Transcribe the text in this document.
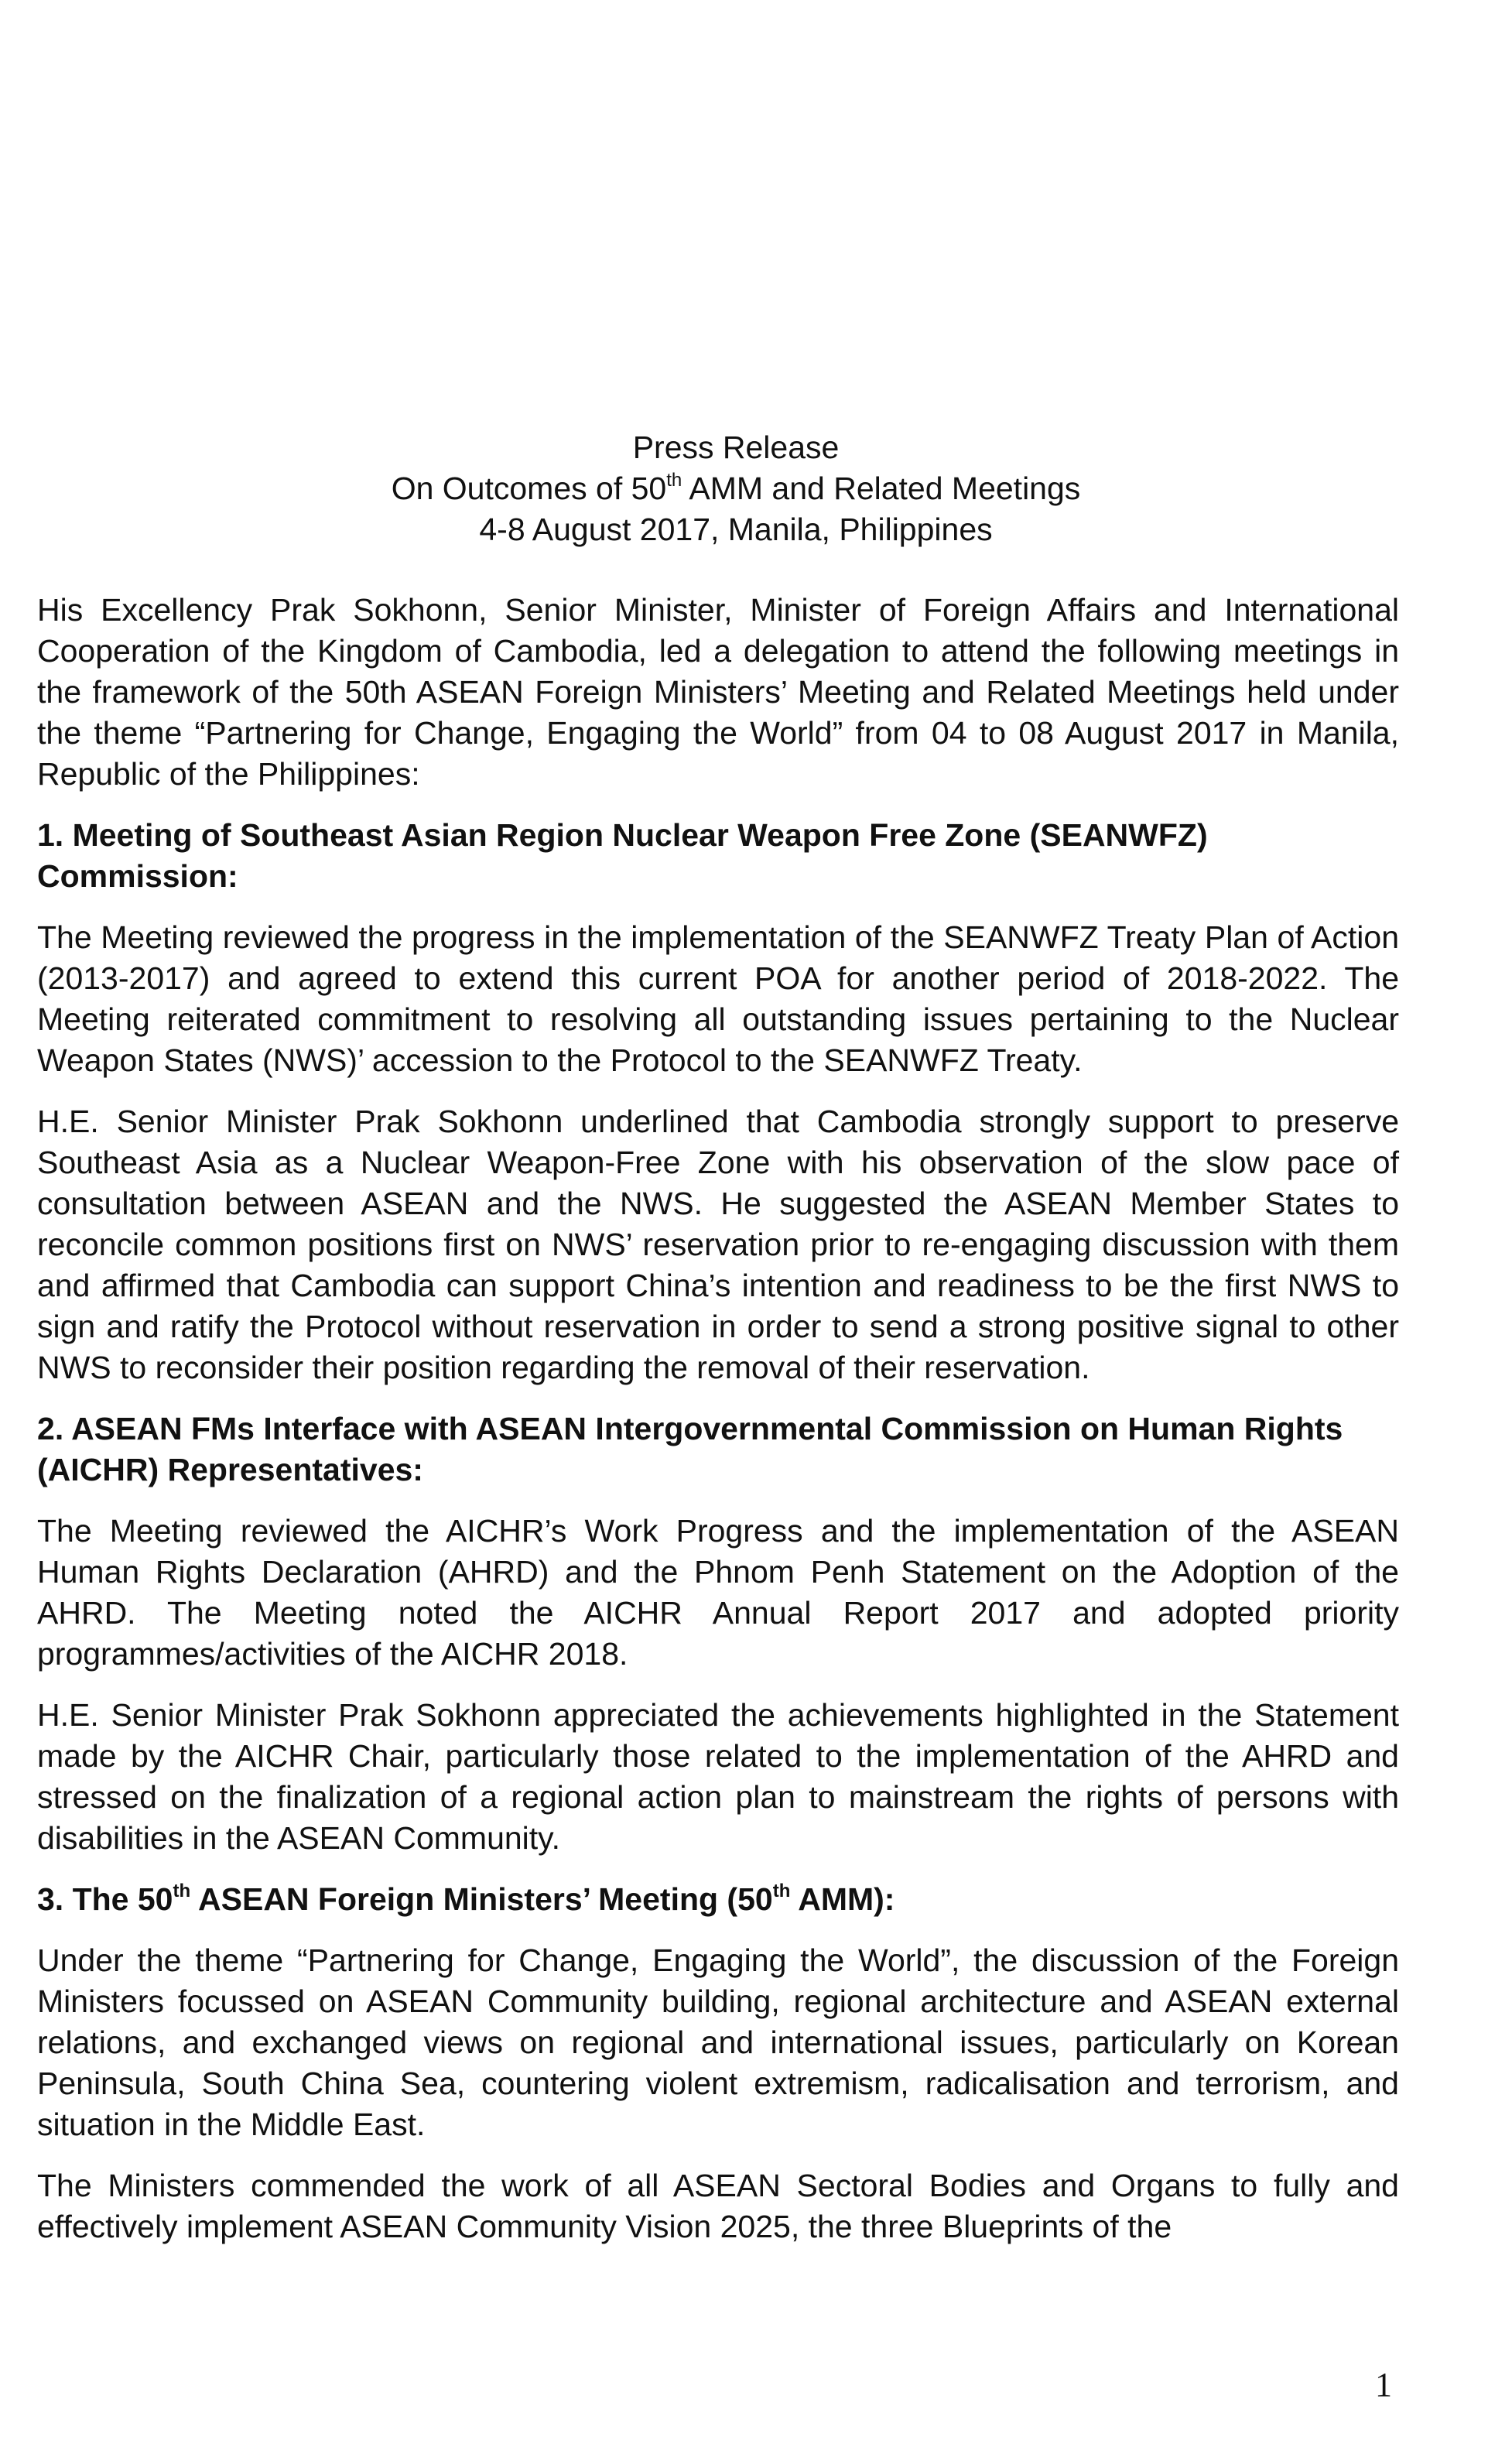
Press Release
On Outcomes of 50th AMM and Related Meetings
4-8 August 2017, Manila, Philippines

His Excellency Prak Sokhonn, Senior Minister, Minister of Foreign Affairs and International Cooperation of the Kingdom of Cambodia, led a delegation to attend the following meetings in the framework of the 50th ASEAN Foreign Ministers’ Meeting and Related Meetings held under the theme “Partnering for Change, Engaging the World” from 04 to 08 August 2017 in Manila, Republic of the Philippines:

1. Meeting of Southeast Asian Region Nuclear Weapon Free Zone (SEANWFZ) Commission:

The Meeting reviewed the progress in the implementation of the SEANWFZ Treaty Plan of Action (2013-2017) and agreed to extend this current POA for another period of 2018-2022. The Meeting reiterated commitment to resolving all outstanding issues pertaining to the Nuclear Weapon States (NWS)’ accession to the Protocol to the SEANWFZ Treaty.

H.E. Senior Minister Prak Sokhonn underlined that Cambodia strongly support to preserve Southeast Asia as a Nuclear Weapon-Free Zone with his observation of the slow pace of consultation between ASEAN and the NWS. He suggested the ASEAN Member States to reconcile common positions first on NWS’ reservation prior to re-engaging discussion with them and affirmed that Cambodia can support China’s intention and readiness to be the first NWS to sign and ratify the Protocol without reservation in order to send a strong positive signal to other NWS to reconsider their position regarding the removal of their reservation.

2. ASEAN FMs Interface with ASEAN Intergovernmental Commission on Human Rights (AICHR) Representatives:

The Meeting reviewed the AICHR’s Work Progress and the implementation of the ASEAN Human Rights Declaration (AHRD) and the Phnom Penh Statement on the Adoption of the AHRD. The Meeting noted the AICHR Annual Report 2017 and adopted priority programmes/activities of the AICHR 2018.

H.E. Senior Minister Prak Sokhonn appreciated the achievements highlighted in the Statement made by the AICHR Chair, particularly those related to the implementation of the AHRD and stressed on the finalization of a regional action plan to mainstream the rights of persons with disabilities in the ASEAN Community.

3. The 50th ASEAN Foreign Ministers’ Meeting (50th AMM):

Under the theme “Partnering for Change, Engaging the World”, the discussion of the Foreign Ministers focussed on ASEAN Community building, regional architecture and ASEAN external relations, and exchanged views on regional and international issues, particularly on Korean Peninsula, South China Sea, countering violent extremism, radicalisation and terrorism, and situation in the Middle East.

The Ministers commended the work of all ASEAN Sectoral Bodies and Organs to fully and effectively implement ASEAN Community Vision 2025, the three Blueprints of the

1
